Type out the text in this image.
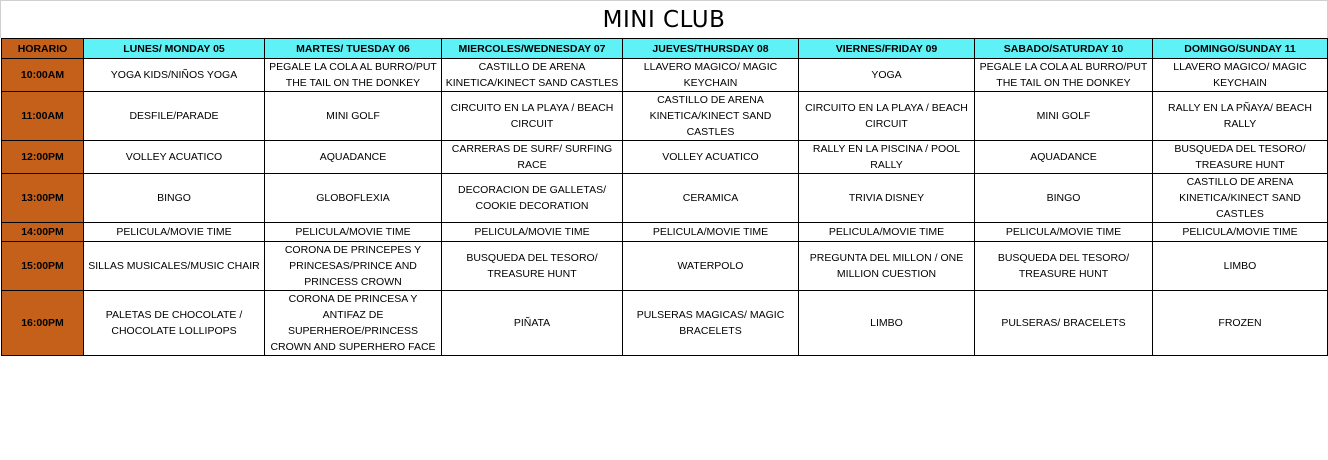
MINI CLUB
HORARIO	LUNES/ MONDAY 05	MARTES/ TUESDAY 06	MIERCOLES/WEDNESDAY 07	JUEVES/THURSDAY 08	VIERNES/FRIDAY 09	SABADO/SATURDAY 10	DOMINGO/SUNDAY 11
10:00AM	YOGA KIDS/NIÑOS YOGA	PEGALE LA COLA AL BURRO/PUT THE TAIL ON THE DONKEY	CASTILLO DE ARENA KINETICA/KINECT SAND CASTLES	LLAVERO MAGICO/ MAGIC KEYCHAIN	YOGA	PEGALE LA COLA AL BURRO/PUT THE TAIL ON THE DONKEY	LLAVERO MAGICO/ MAGIC KEYCHAIN
11:00AM	DESFILE/PARADE	MINI GOLF	CIRCUITO EN LA PLAYA / BEACH CIRCUIT	CASTILLO DE ARENA KINETICA/KINECT SAND CASTLES	CIRCUITO EN LA PLAYA / BEACH CIRCUIT	MINI GOLF	RALLY EN LA PÑAYA/ BEACH RALLY
12:00PM	VOLLEY ACUATICO	AQUADANCE	CARRERAS DE SURF/ SURFING RACE	VOLLEY ACUATICO	RALLY EN LA PISCINA / POOL RALLY	AQUADANCE	BUSQUEDA DEL TESORO/ TREASURE HUNT
13:00PM	BINGO	GLOBOFLEXIA	DECORACION DE GALLETAS/ COOKIE DECORATION	CERAMICA	TRIVIA DISNEY	BINGO	CASTILLO DE ARENA KINETICA/KINECT SAND CASTLES
14:00PM	PELICULA/MOVIE TIME	PELICULA/MOVIE TIME	PELICULA/MOVIE TIME	PELICULA/MOVIE TIME	PELICULA/MOVIE TIME	PELICULA/MOVIE TIME	PELICULA/MOVIE TIME
15:00PM	SILLAS MUSICALES/MUSIC CHAIR	CORONA DE PRINCEPES Y PRINCESAS/PRINCE AND PRINCESS CROWN	BUSQUEDA DEL TESORO/ TREASURE HUNT	WATERPOLO	PREGUNTA DEL MILLON / ONE MILLION CUESTION	BUSQUEDA DEL TESORO/ TREASURE HUNT	LIMBO
16:00PM	PALETAS DE CHOCOLATE / CHOCOLATE LOLLIPOPS	CORONA DE PRINCESA Y ANTIFAZ DE SUPERHEROE/PRINCESS CROWN AND SUPERHERO FACE	PIÑATA	PULSERAS MAGICAS/ MAGIC BRACELETS	LIMBO	PULSERAS/ BRACELETS	FROZEN
